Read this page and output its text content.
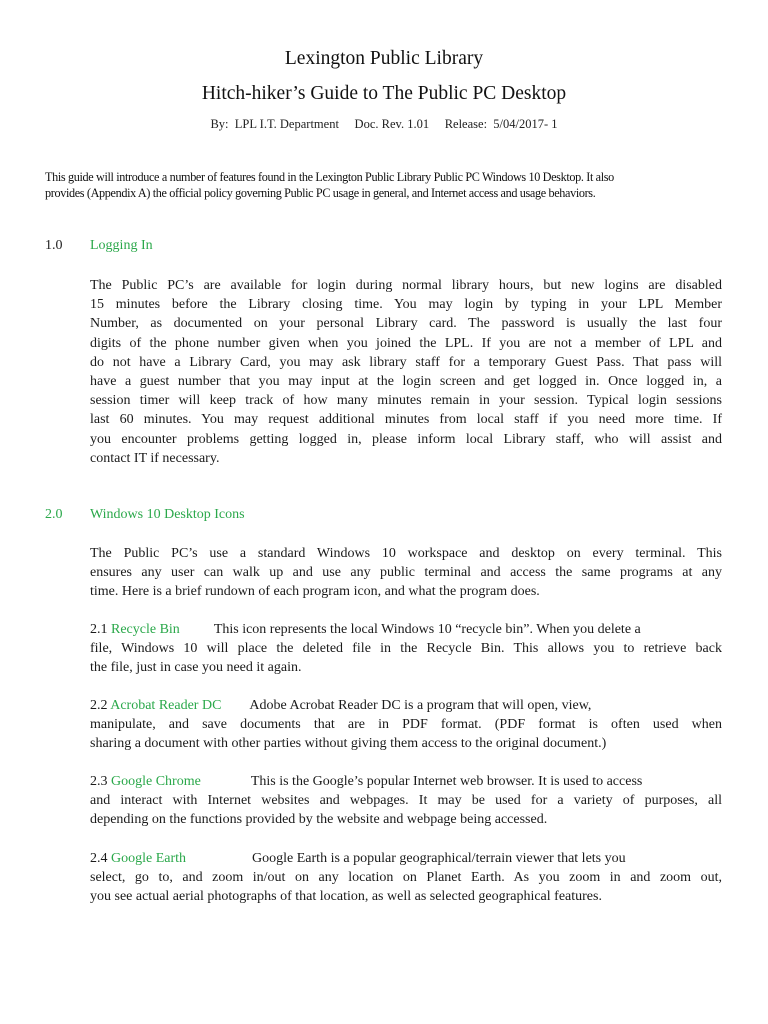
Lexington Public Library
Hitch-hiker’s Guide to The Public PC Desktop
By:  LPL I.T. Department Doc. Rev. 1.01 Release:  5/04/2017- 1
This guide will introduce a number of features found in the Lexington Public Library Public PC Windows 10 Desktop. It also
provides (Appendix A) the official policy governing Public PC usage in general, and Internet access and usage behaviors.
1.0 Logging In
The Public PC’s are available for login during normal library hours, but new logins are disabled
15 minutes before the Library closing time. You may login by typing in your LPL Member
Number, as documented on your personal Library card. The password is usually the last four
digits of the phone number given when you joined the LPL. If you are not a member of LPL and
do not have a Library Card, you may ask library staff for a temporary Guest Pass. That pass will
have a guest number that you may input at the login screen and get logged in. Once logged in, a
session timer will keep track of how many minutes remain in your session. Typical login sessions
last 60 minutes. You may request additional minutes from local staff if you need more time. If
you encounter problems getting logged in, please inform local Library staff, who will assist and
contact IT if necessary.
2.0 Windows 10 Desktop Icons
The Public PC’s use a standard Windows 10 workspace and desktop on every terminal. This
ensures any user can walk up and use any public terminal and access the same programs at any
time. Here is a brief rundown of each program icon, and what the program does.
2.1 Recycle Bin This icon represents the local Windows 10 “recycle bin”. When you delete a
file, Windows 10 will place the deleted file in the Recycle Bin. This allows you to retrieve back
the file, just in case you need it again.
2.2 Acrobat Reader DC Adobe Acrobat Reader DC is a program that will open, view,
manipulate, and save documents that are in PDF format. (PDF format is often used when
sharing a document with other parties without giving them access to the original document.)
2.3 Google Chrome	This is the Google’s popular Internet web browser. It is used to access
and interact with Internet websites and webpages. It may be used for a variety of purposes, all
depending on the functions provided by the website and webpage being accessed.
2.4 Google Earth	Google Earth is a popular geographical/terrain viewer that lets you
select, go to, and zoom in/out on any location on Planet Earth. As you zoom in and zoom out,
you see actual aerial photographs of that location, as well as selected geographical features.
